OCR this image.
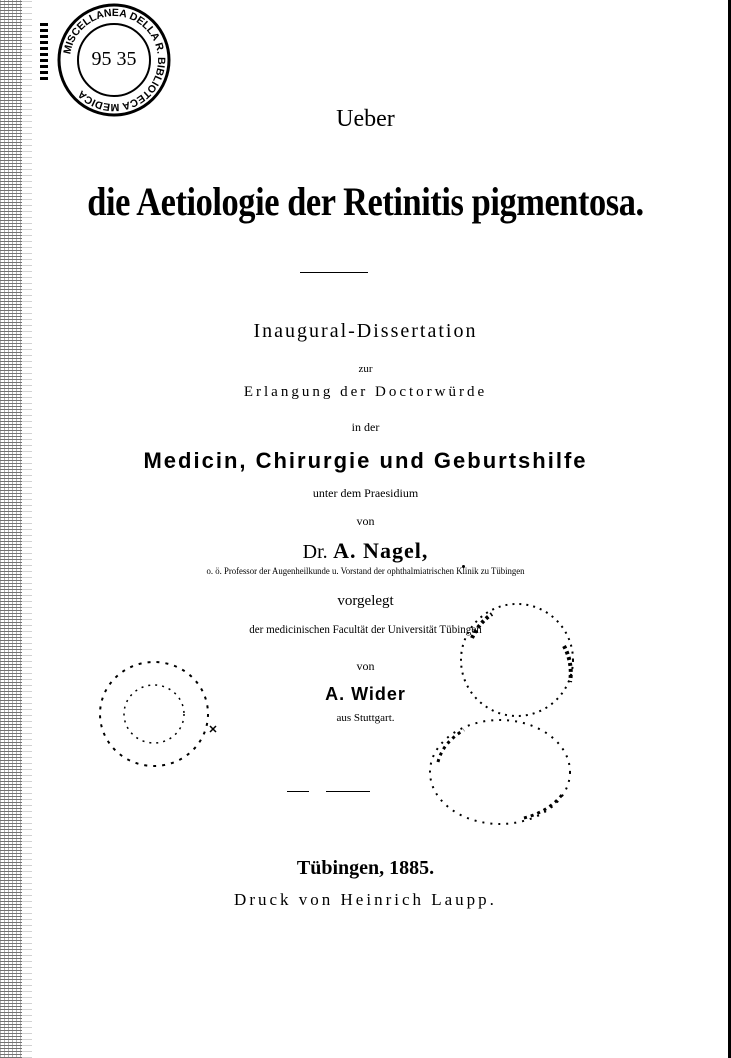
MISCELLANEA DELLA R. BIBLIOTECA MEDICA
95 35
Ueber
die Aetiologie der Retinitis pigmentosa.
Inaugural-Dissertation
zur
Erlangung der Doctorwürde
in der
Medicin, Chirurgie und Geburtshilfe
unter dem Praesidium
von
Dr. A. Nagel,
o. ö. Professor der Augenheilkunde u. Vorstand der ophthalmiatrischen Klinik zu Tübingen
vorgelegt
der medicinischen Facultät der Universität Tübingen
von
A. Wider
aus Stuttgart.
Tübingen, 1885.
Druck von Heinrich Laupp.
